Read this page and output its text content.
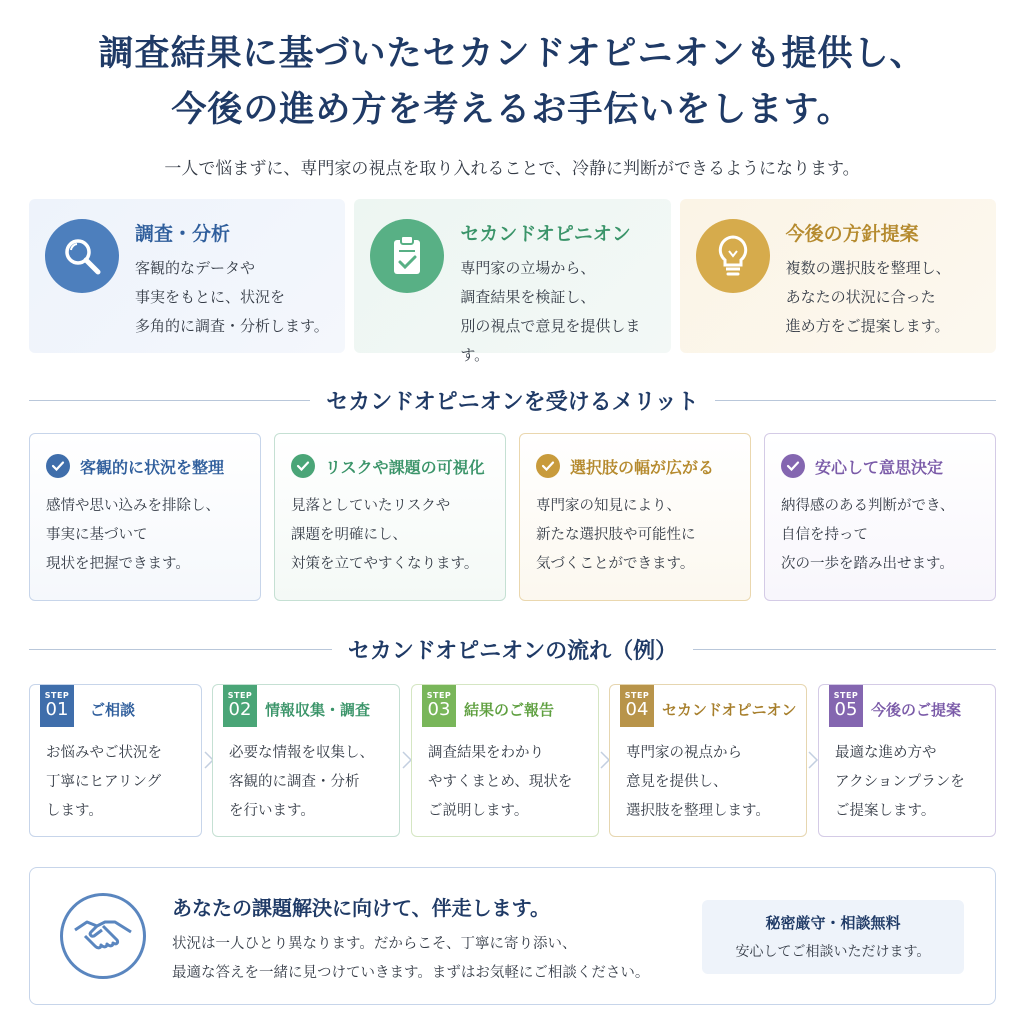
調査結果に基づいたセカンドオピニオンも提供し、
今後の進め方を考えるお手伝いをします。

一人で悩まずに、専門家の視点を取り入れることで、冷静に判断ができるようになります。

調査・分析
客観的なデータや
事実をもとに、状況を
多角的に調査・分析します。
セカンドオピニオン
専門家の立場から、
調査結果を検証し、
別の視点で意見を提供します。
今後の方針提案
複数の選択肢を整理し、
あなたの状況に合った
進め方をご提案します。
セカンドオピニオンを受けるメリット
客観的に状況を整理
感情や思い込みを排除し、
事実に基づいて
現状を把握できます。
リスクや課題の可視化
見落としていたリスクや
課題を明確にし、
対策を立てやすくなります。
選択肢の幅が広がる
専門家の知見により、
新たな選択肢や可能性に
気づくことができます。
安心して意思決定
納得感のある判断ができ、
自信を持って
次の一歩を踏み出せます。
セカンドオピニオンの流れ（例）
STEP
01	ご相談
お悩みやご状況を
丁寧にヒアリング
します。
STEP
02 情報収集・調査
必要な情報を収集し、
客観的に調査・分析
を行います。
STEP
03 結果のご報告
調査結果をわかり
やすくまとめ、現状を
ご説明します。
STEP
04 セカンドオピニオン
専門家の視点から
意見を提供し、
選択肢を整理します。
STEP
05 今後のご提案
最適な進め方や
アクションプランを
ご提案します。
あなたの課題解決に向けて、伴走します。
状況は一人ひとり異なります。だからこそ、丁寧に寄り添い、
最適な答えを一緒に見つけていきます。まずはお気軽にご相談ください。
秘密厳守・相談無料
安心してご相談いただけます。
